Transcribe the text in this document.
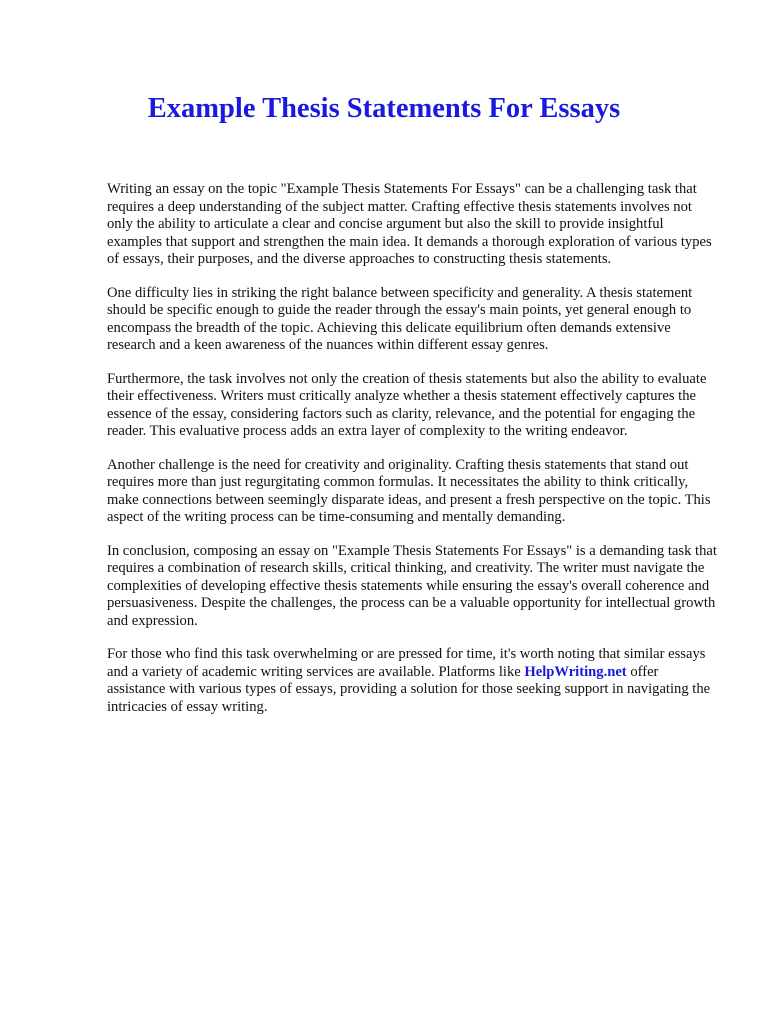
Example Thesis Statements For Essays

Writing an essay on the topic "Example Thesis Statements For Essays" can be a challenging task that requires a deep understanding of the subject matter. Crafting effective thesis statements involves not only the ability to articulate a clear and concise argument but also the skill to provide insightful examples that support and strengthen the main idea. It demands a thorough exploration of various types of essays, their purposes, and the diverse approaches to constructing thesis statements.

One difficulty lies in striking the right balance between specificity and generality. A thesis statement should be specific enough to guide the reader through the essay's main points, yet general enough to encompass the breadth of the topic. Achieving this delicate equilibrium often demands extensive research and a keen awareness of the nuances within different essay genres.

Furthermore, the task involves not only the creation of thesis statements but also the ability to evaluate their effectiveness. Writers must critically analyze whether a thesis statement effectively captures the essence of the essay, considering factors such as clarity, relevance, and the potential for engaging the reader. This evaluative process adds an extra layer of complexity to the writing endeavor.

Another challenge is the need for creativity and originality. Crafting thesis statements that stand out requires more than just regurgitating common formulas. It necessitates the ability to think critically, make connections between seemingly disparate ideas, and present a fresh perspective on the topic. This aspect of the writing process can be time-consuming and mentally demanding.

In conclusion, composing an essay on "Example Thesis Statements For Essays" is a demanding task that requires a combination of research skills, critical thinking, and creativity. The writer must navigate the complexities of developing effective thesis statements while ensuring the essay's overall coherence and persuasiveness. Despite the challenges, the process can be a valuable opportunity for intellectual growth and expression.

For those who find this task overwhelming or are pressed for time, it's worth noting that similar essays and a variety of academic writing services are available. Platforms like HelpWriting.net offer assistance with various types of essays, providing a solution for those seeking support in navigating the intricacies of essay writing.
